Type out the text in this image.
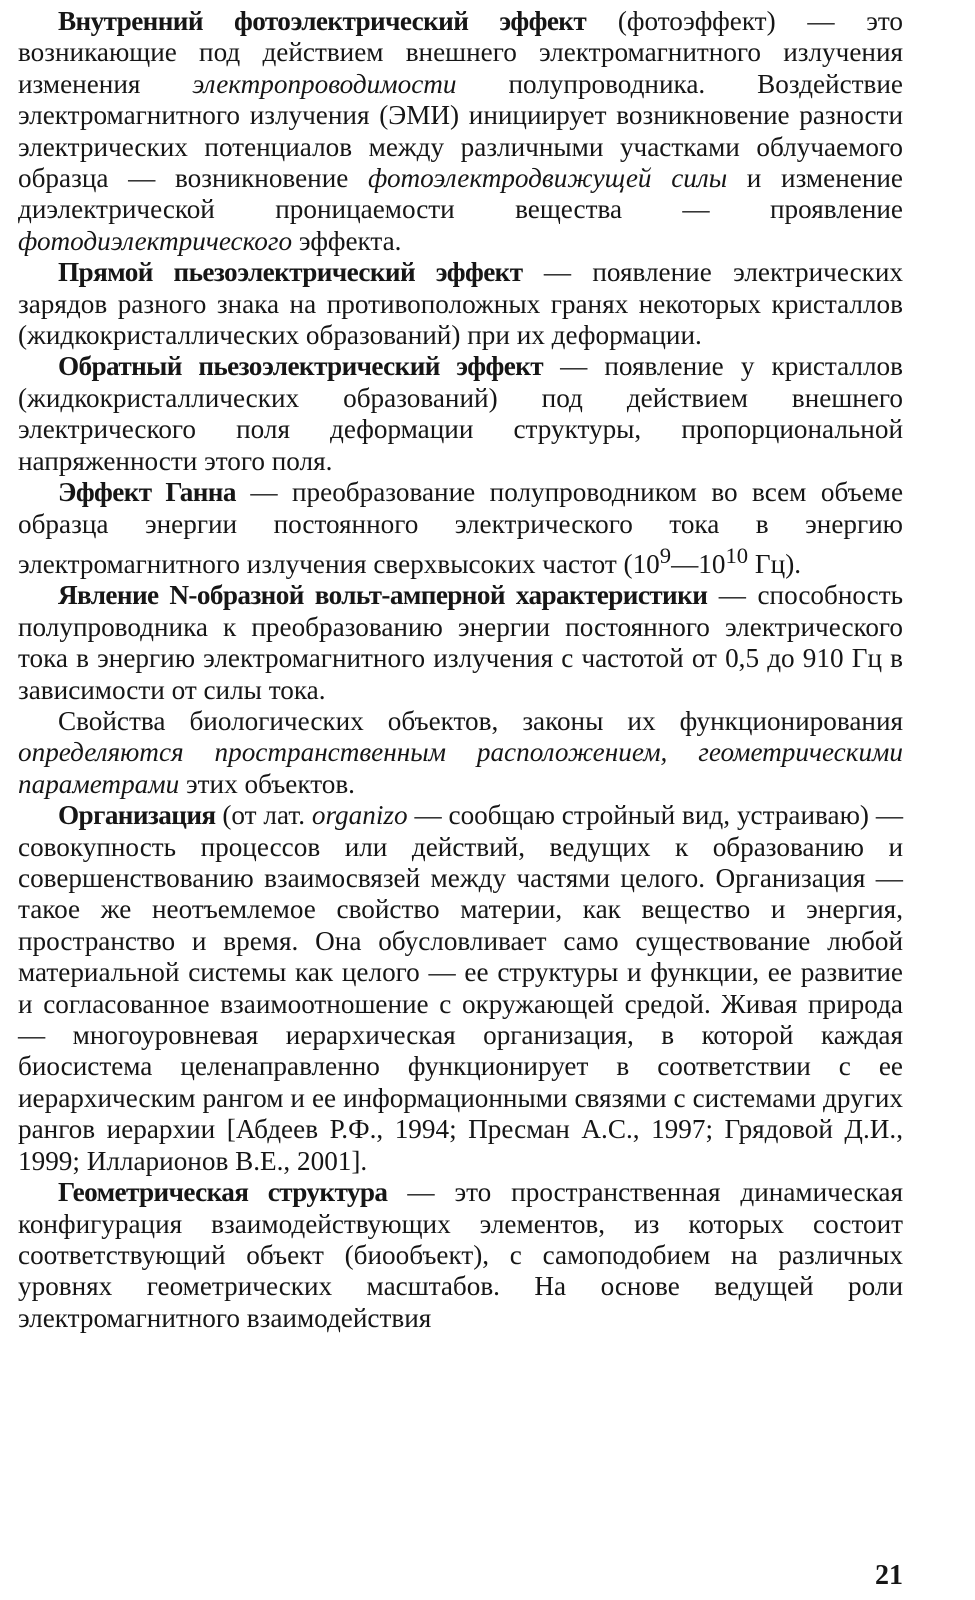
Внутренний фотоэлектрический эффект (фотоэффект) — это возникающие под действием внешнего электромагнитного излучения изменения электропроводимости полупроводника. Воздействие электромагнитного излучения (ЭМИ) инициирует возникновение разности электрических потенциалов между различными участками облучаемого образца — возникновение фотоэлектродвижущей силы и изменение диэлектрической проницаемости вещества — проявление фотодиэлектрического эффекта.

Прямой пьезоэлектрический эффект — появление электрических зарядов разного знака на противоположных гранях некоторых кристаллов (жидкокристаллических образований) при их деформации.

Обратный пьезоэлектрический эффект — появление у кристаллов (жидкокристаллических образований) под действием внешнего электрического поля деформации структуры, пропорциональной напряженности этого поля.

Эффект Ганна — преобразование полупроводником во всем объеме образца энергии постоянного электрического тока в энергию электромагнитного излучения сверхвысоких частот ($10^9—10^{10}$ Гц).

Явление N-образной вольт-амперной характеристики — способность полупроводника к преобразованию энергии постоянного электрического тока в энергию электромагнитного излучения с частотой от 0,5 до 910 Гц в зависимости от силы тока.

Свойства биологических объектов, законы их функционирования определяются пространственным расположением, геометрическими параметрами этих объектов.

Организация (от лат. organizo — сообщаю стройный вид, устраиваю) — совокупность процессов или действий, ведущих к образованию и совершенствованию взаимосвязей между частями целого. Организация — такое же неотъемлемое свойство материи, как вещество и энергия, пространство и время. Она обусловливает само существование любой материальной системы как целого — ее структуры и функции, ее развитие и согласованное взаимоотношение с окружающей средой. Живая природа — многоуровневая иерархическая организация, в которой каждая биосистема целенаправленно функционирует в соответствии с ее иерархическим рангом и ее информационными связями с системами других рангов иерархии [Абдеев Р.Ф., 1994; Пресман А.С., 1997; Грядовой Д.И., 1999; Илларионов В.Е., 2001].

Геометрическая структура — это пространственная динамическая конфигурация взаимодействующих элементов, из которых состоит соответствующий объект (биообъект), с самоподобием на различных уровнях геометрических масштабов. На основе ведущей роли электромагнитного взаимодействия

21
